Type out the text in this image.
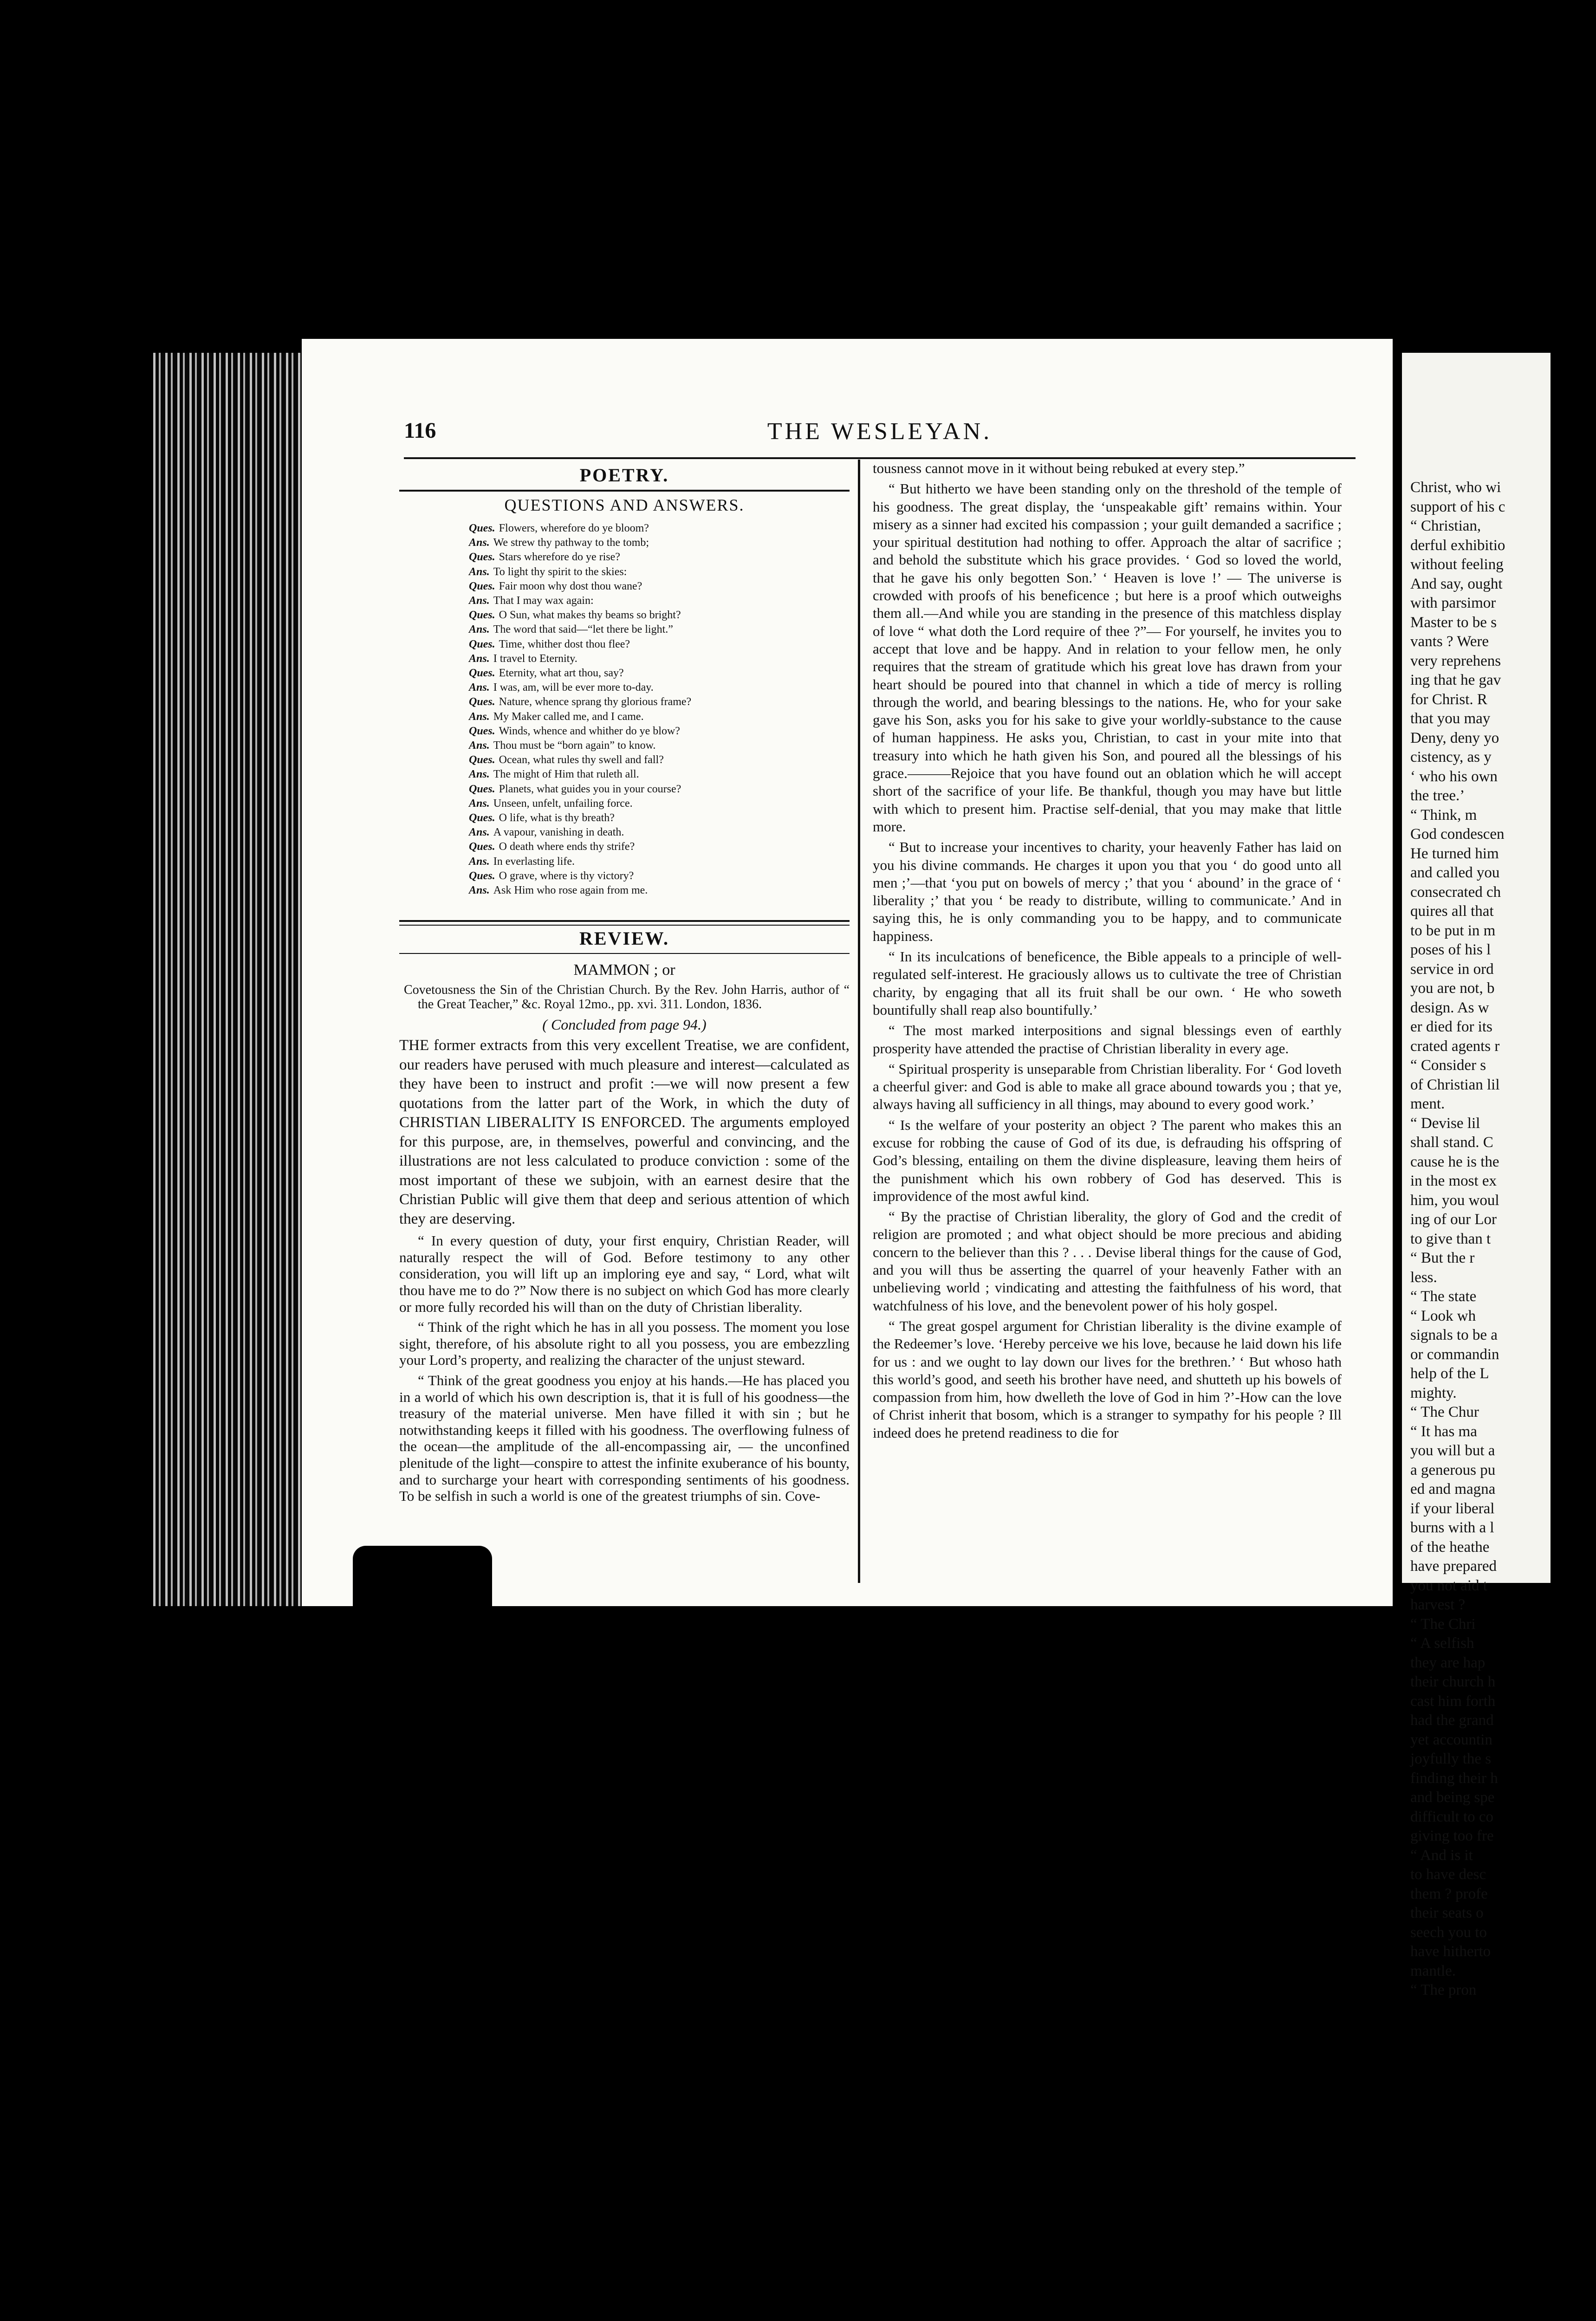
116	THE WESLEYAN.
POETRY.
QUESTIONS AND ANSWERS.
Ques. Flowers, wherefore do ye bloom?
Ans. We strew thy pathway to the tomb;
Ques. Stars wherefore do ye rise?
Ans. To light thy spirit to the skies:
Ques. Fair moon why dost thou wane?
Ans. That I may wax again:
Ques. O Sun, what makes thy beams so bright?
Ans. The word that said—“let there be light.”
Ques. Time, whither dost thou flee?
Ans. I travel to Eternity.
Ques. Eternity, what art thou, say?
Ans. I was, am, will be ever more to-day.
Ques. Nature, whence sprang thy glorious frame?
Ans. My Maker called me, and I came.
Ques. Winds, whence and whither do ye blow?
Ans. Thou must be “born again” to know.
Ques. Ocean, what rules thy swell and fall?
Ans. The might of Him that ruleth all.
Ques. Planets, what guides you in your course?
Ans. Unseen, unfelt, unfailing force.
Ques. O life, what is thy breath?
Ans. A vapour, vanishing in death.
Ques. O death where ends thy strife?
Ans. In everlasting life.
Ques. O grave, where is thy victory?
Ans. Ask Him who rose again from me.
REVIEW.
MAMMON ; or
Covetousness the Sin of the Christian Church. By the Rev. John Harris, author of “ the Great Teacher,” &c. Royal 12mo., pp. xvi. 311. London, 1836.
( Concluded from page 94.)

THE former extracts from this very excellent Treatise, we are confident, our readers have perused with much pleasure and interest—calculated as they have been to instruct and profit :—we will now present a few quotations from the latter part of the Work, in which the duty of CHRISTIAN LIBERALITY IS ENFORCED. The arguments employed for this purpose, are, in themselves, powerful and convincing, and the illustrations are not less calculated to produce conviction : some of the most important of these we subjoin, with an earnest desire that the Christian Public will give them that deep and serious attention of which they are deserving.

“ In every question of duty, your first enquiry, Christian Reader, will naturally respect the will of God. Before testimony to any other consideration, you will lift up an imploring eye and say, “ Lord, what wilt thou have me to do ?” Now there is no subject on which God has more clearly or more fully recorded his will than on the duty of Christian liberality.

“ Think of the right which he has in all you possess. The moment you lose sight, therefore, of his absolute right to all you possess, you are embezzling your Lord’s property, and realizing the character of the unjust steward.

“ Think of the great goodness you enjoy at his hands.—He has placed you in a world of which his own description is, that it is full of his goodness—the treasury of the material universe. Men have filled it with sin ; but he notwithstanding keeps it filled with his goodness. The overflowing fulness of the ocean—the amplitude of the all-encompassing air, — the unconfined plenitude of the light—conspire to attest the infinite exuberance of his bounty, and to surcharge your heart with corresponding sentiments of his goodness. To be selfish in such a world is one of the greatest triumphs of sin. Cove-

tousness cannot move in it without being rebuked at every step.”

“ But hitherto we have been standing only on the threshold of the temple of his goodness. The great display, the ‘unspeakable gift’ remains within. Your misery as a sinner had excited his compassion ; your guilt demanded a sacrifice ; your spiritual destitution had nothing to offer. Approach the altar of sacrifice ; and behold the substitute which his grace provides. ‘ God so loved the world, that he gave his only begotten Son.’ ‘ Heaven is love !’ — The universe is crowded with proofs of his beneficence ; but here is a proof which outweighs them all.—And while you are standing in the presence of this matchless display of love “ what doth the Lord require of thee ?”— For yourself, he invites you to accept that love and be happy. And in relation to your fellow men, he only requires that the stream of gratitude which his great love has drawn from your heart should be poured into that channel in which a tide of mercy is rolling through the world, and bearing blessings to the nations. He, who for your sake gave his Son, asks you for his sake to give your worldly-substance to the cause of human happiness. He asks you, Christian, to cast in your mite into that treasury into which he hath given his Son, and poured all the blessings of his grace.———Rejoice that you have found out an oblation which he will accept short of the sacrifice of your life. Be thankful, though you may have but little with which to present him. Practise self-denial, that you may make that little more.

“ But to increase your incentives to charity, your heavenly Father has laid on you his divine commands. He charges it upon you that you ‘ do good unto all men ;’—that ‘you put on bowels of mercy ;’ that you ‘ abound’ in the grace of ‘ liberality ;’ that you ‘ be ready to distribute, willing to communicate.’ And in saying this, he is only commanding you to be happy, and to communicate happiness.

“ In its inculcations of beneficence, the Bible appeals to a principle of well-regulated self-interest. He graciously allows us to cultivate the tree of Christian charity, by engaging that all its fruit shall be our own. ‘ He who soweth bountifully shall reap also bountifully.’

“ The most marked interpositions and signal blessings even of earthly prosperity have attended the practise of Christian liberality in every age.

“ Spiritual prosperity is unseparable from Christian liberality. For ‘ God loveth a cheerful giver: and God is able to make all grace abound towards you ; that ye, always having all sufficiency in all things, may abound to every good work.’

“ Is the welfare of your posterity an object ? The parent who makes this an excuse for robbing the cause of God of its due, is defrauding his offspring of God’s blessing, entailing on them the divine displeasure, leaving them heirs of the punishment which his own robbery of God has deserved. This is improvidence of the most awful kind.

“ By the practise of Christian liberality, the glory of God and the credit of religion are promoted ; and what object should be more precious and abiding concern to the believer than this ? . . . Devise liberal things for the cause of God, and you will thus be asserting the quarrel of your heavenly Father with an unbelieving world ; vindicating and attesting the faithfulness of his word, that watchfulness of his love, and the benevolent power of his holy gospel.

“ The great gospel argument for Christian liberality is the divine example of the Redeemer’s love. ‘Hereby perceive we his love, because he laid down his life for us : and we ought to lay down our lives for the brethren.’ ‘ But whoso hath this world’s good, and seeth his brother have need, and shutteth up his bowels of compassion from him, how dwelleth the love of God in him ?’-How can the love of Christ inherit that bosom, which is a stranger to sympathy for his people ? Ill indeed does he pretend readiness to die for

Christ, who wi
support of his c
“ Christian,
derful exhibitio
without feeling
And say, ought
with parsimor
Master to be s
vants ? Were
very reprehens
ing that he gav
for Christ. R
that you may
Deny, deny yo
cistency, as y
‘ who his own
the tree.’
“ Think, m
God condescen
He turned him
and called you
consecrated ch
quires all that
to be put in m
poses of his l
service in ord
you are not, b
design. As w
er died for its
crated agents r
“ Consider s
of Christian lil
ment.
“ Devise lil
shall stand. C
cause he is the
in the most ex
him, you woul
ing of our Lor
to give than t
“ But the r
less.
“ The state
“ Look wh
signals to be a
or commandin
help of the L
mighty.
“ The Chur
“ It has ma
you will but a
a generous pu
ed and magna
if your liberal
burns with a l
of the heathe
have prepared
you not aid t
harvest ?
“ The Chri
“ A selfish
they are hap
their church h
cast him forth
had the grand
yet accountin
joyfully the s
finding their h
and being spe
difficult to co
giving too fre
“ And is it
to have desc
them ? profe
their seats o
seech you to
have hitherto
mantle.
“ The pron
